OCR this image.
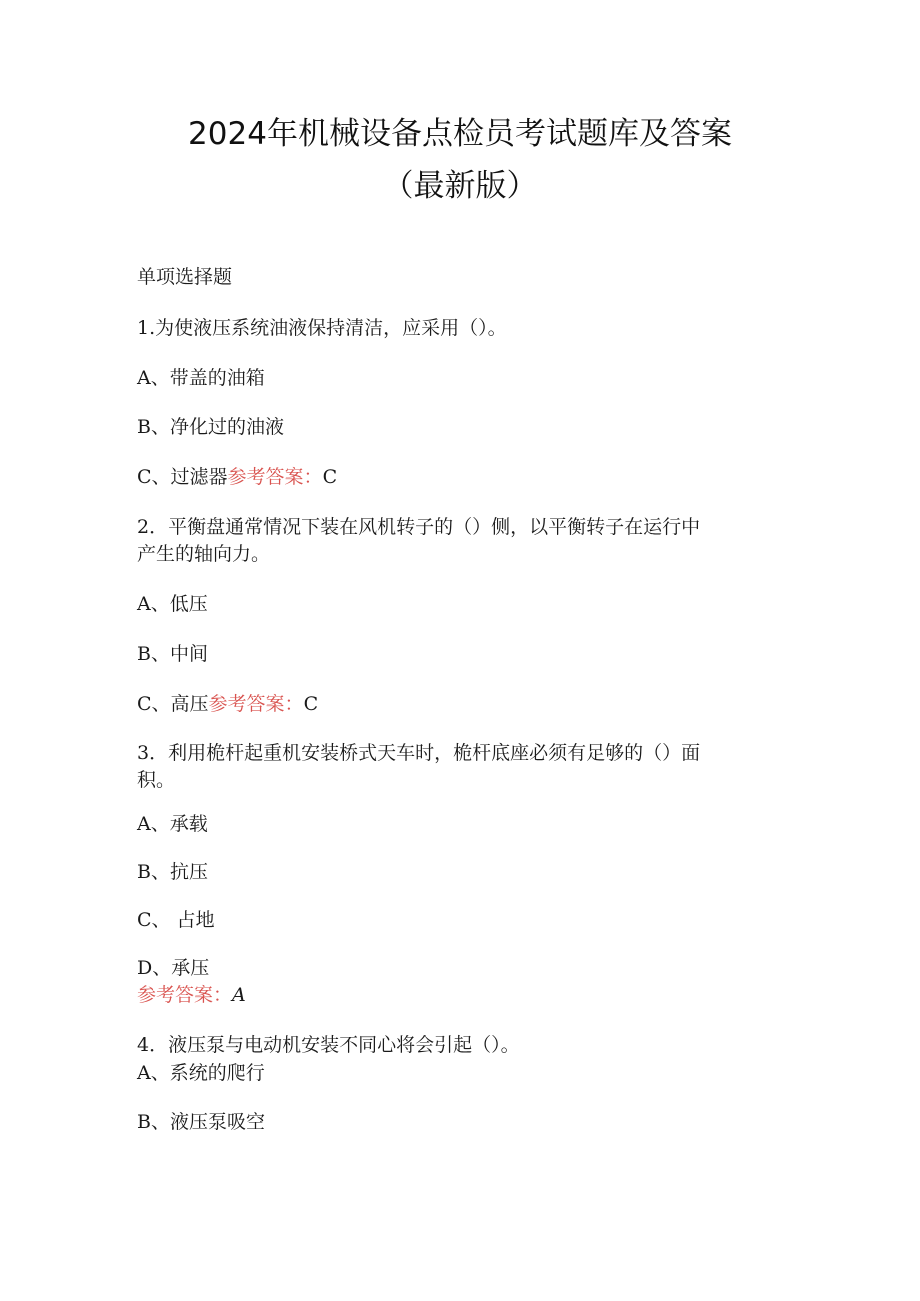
2024年机械设备点检员考试题库及答案
（最新版）
单项选择题
1.为使液压系统油液保持清洁，应采用（）。
A、带盖的油箱
B、净化过的油液
C、过滤器参考答案：C
2．平衡盘通常情况下装在风机转子的（）侧，以平衡转子在运行中
产生的轴向力。
A、低压
B、中间
C、高压参考答案：C
3．利用桅杆起重机安装桥式天车时，桅杆底座必须有足够的（）面
积。
A、承载
B、抗压
C、 占地
D、承压
参考答案：A
4．液压泵与电动机安装不同心将会引起（）。
A、系统的爬行
B、液压泵吸空
